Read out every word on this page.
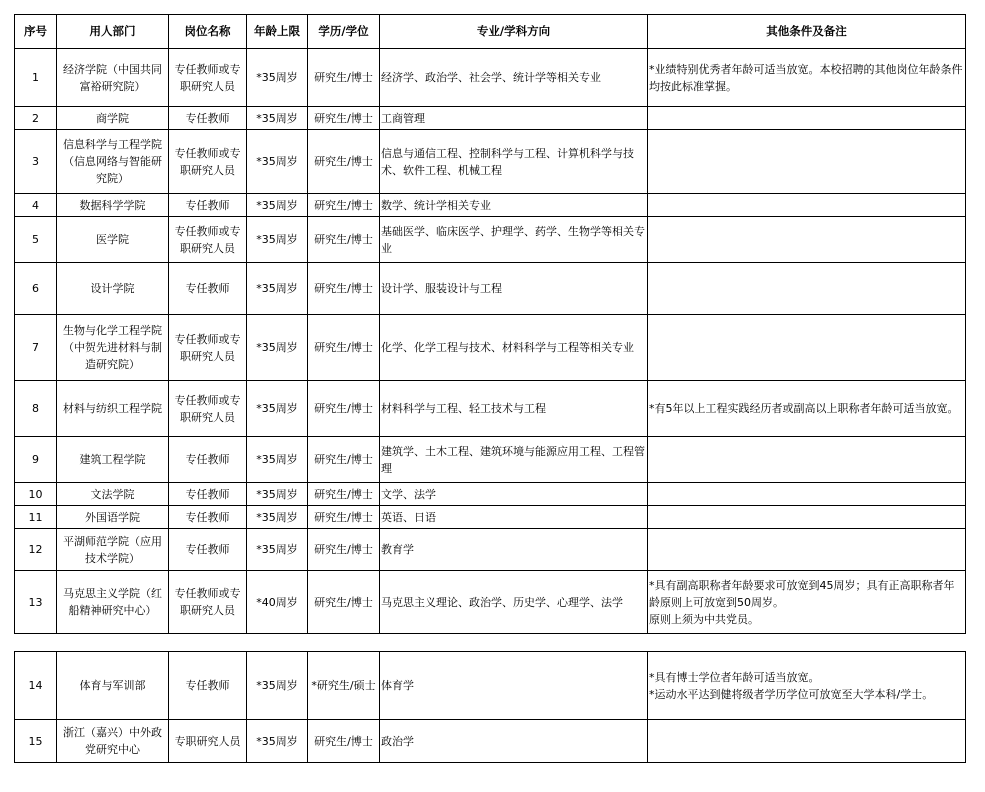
序号	用人部门	岗位名称	年龄上限	学历/学位	专业/学科方向	其他条件及备注
1	经济学院（中国共同富裕研究院）	专任教师或专职研究人员	*35周岁	研究生/博士	经济学、政治学、社会学、统计学等相关专业	*业绩特别优秀者年龄可适当放宽。本校招聘的其他岗位年龄条件均按此标准掌握。

2	商学院	专任教师	*35周岁	研究生/博士	工商管理	

3	信息科学与工程学院（信息网络与智能研究院）	专任教师或专职研究人员	*35周岁	研究生/博士	信息与通信工程、控制科学与工程、计算机科学与技术、软件工程、机械工程	

4	数据科学学院	专任教师	*35周岁	研究生/博士	数学、统计学相关专业	

5	医学院	专任教师或专职研究人员	*35周岁	研究生/博士	基础医学、临床医学、护理学、药学、生物学等相关专业	

6	设计学院	专任教师	*35周岁	研究生/博士	设计学、服装设计与工程	

7	生物与化学工程学院（中贺先进材料与制造研究院）	专任教师或专职研究人员	*35周岁	研究生/博士	化学、化学工程与技术、材料科学与工程等相关专业	

8	材料与纺织工程学院	专任教师或专职研究人员	*35周岁	研究生/博士	材料科学与工程、轻工技术与工程	*有5年以上工程实践经历者或副高以上职称者年龄可适当放宽。

9	建筑工程学院	专任教师	*35周岁	研究生/博士	建筑学、土木工程、建筑环境与能源应用工程、工程管理	

10	文法学院	专任教师	*35周岁	研究生/博士	文学、法学	

11	外国语学院	专任教师	*35周岁	研究生/博士	英语、日语	

12	平湖师范学院（应用技术学院）	专任教师	*35周岁	研究生/博士	教育学	

13	马克思主义学院（红船精神研究中心）	专任教师或专职研究人员	*40周岁	研究生/博士	马克思主义理论、政治学、历史学、心理学、法学	*具有副高职称者年龄要求可放宽到45周岁；具有正高职称者年龄原则上可放宽到50周岁。
原则上须为中共党员。
14	体育与军训部	专任教师	*35周岁	*研究生/硕士	体育学	*具有博士学位者年龄可适当放宽。
*运动水平达到健将级者学历学位可放宽至大学本科/学士。

15	浙江（嘉兴）中外政党研究中心	专职研究人员	*35周岁	研究生/博士	政治学	
